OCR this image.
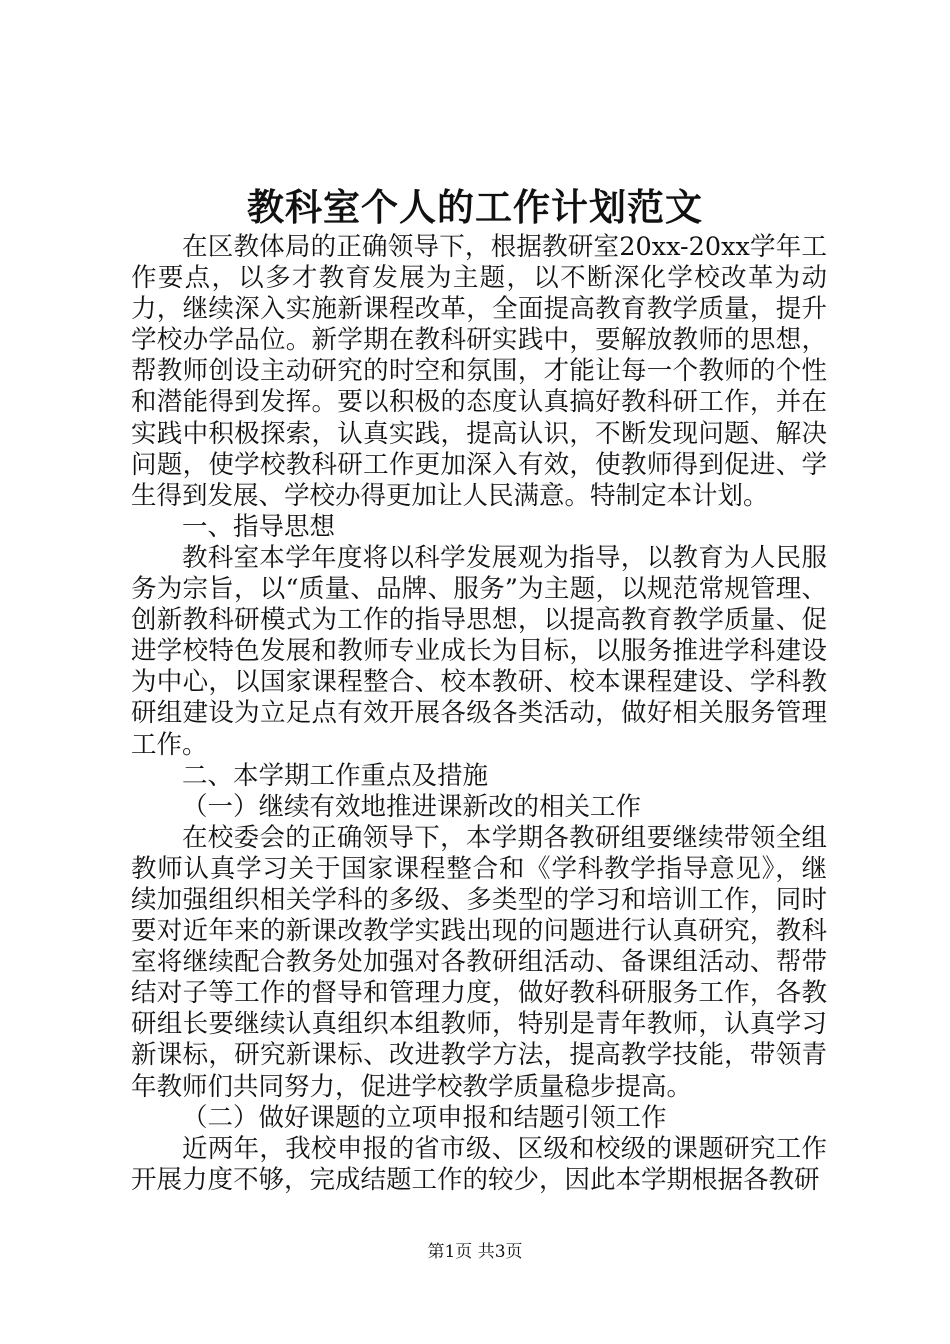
教科室个人的工作计划范文

在区教体局的正确领导下，根据教研室20xx-20xx学年工作要点，以多才教育发展为主题，以不断深化学校改革为动力，继续深入实施新课程改革，全面提高教育教学质量，提升学校办学品位。新学期在教科研实践中，要解放教师的思想，帮教师创设主动研究的时空和氛围，才能让每一个教师的个性和潜能得到发挥。要以积极的态度认真搞好教科研工作，并在实践中积极探索，认真实践，提高认识，不断发现问题、解决问题，使学校教科研工作更加深入有效，使教师得到促进、学生得到发展、学校办得更加让人民满意。特制定本计划。

一、指导思想

教科室本学年度将以科学发展观为指导，以教育为人民服务为宗旨，以“质量、品牌、服务”为主题，以规范常规管理、创新教科研模式为工作的指导思想，以提高教育教学质量、促进学校特色发展和教师专业成长为目标，以服务推进学科建设为中心，以国家课程整合、校本教研、校本课程建设、学科教研组建设为立足点有效开展各级各类活动，做好相关服务管理工作。

二、本学期工作重点及措施

（一）继续有效地推进课新改的相关工作

在校委会的正确领导下，本学期各教研组要继续带领全组教师认真学习关于国家课程整合和《学科教学指导意见》，继续加强组织相关学科的多级、多类型的学习和培训工作，同时要对近年来的新课改教学实践出现的问题进行认真研究，教科室将继续配合教务处加强对各教研组活动、备课组活动、帮带结对子等工作的督导和管理力度，做好教科研服务工作，各教研组长要继续认真组织本组教师，特别是青年教师，认真学习新课标，研究新课标、改进教学方法，提高教学技能，带领青年教师们共同努力，促进学校教学质量稳步提高。

（二）做好课题的立项申报和结题引领工作

近两年，我校申报的省市级、区级和校级的课题研究工作开展力度不够，完成结题工作的较少，因此本学期根据各教研

第1页 共3页
